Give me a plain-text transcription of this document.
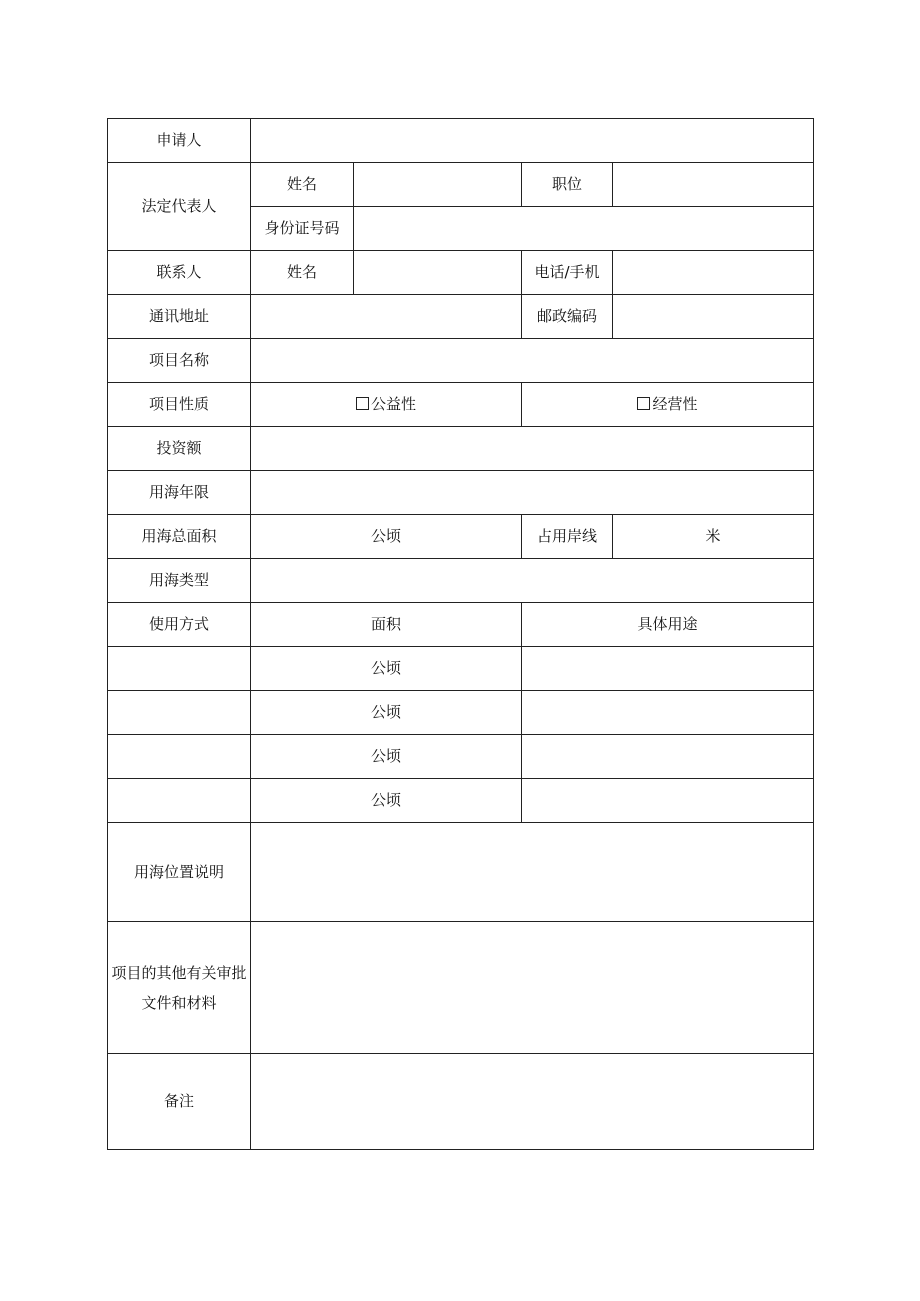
申请人				
法定代表人	姓名		职位	
	身份证号码			
联系人	姓名		电话/手机	
通讯地址			邮政编码	
项目名称				
项目性质	公益性		经营性	
投资额				
用海年限				
用海总面积	公顷		占用岸线	米
用海类型				
使用方式	面积		具体用途	
	公顷			
	公顷			
	公顷			
	公顷			
用海位置说明				
项目的其他有关审批文件和材料				
备注				
